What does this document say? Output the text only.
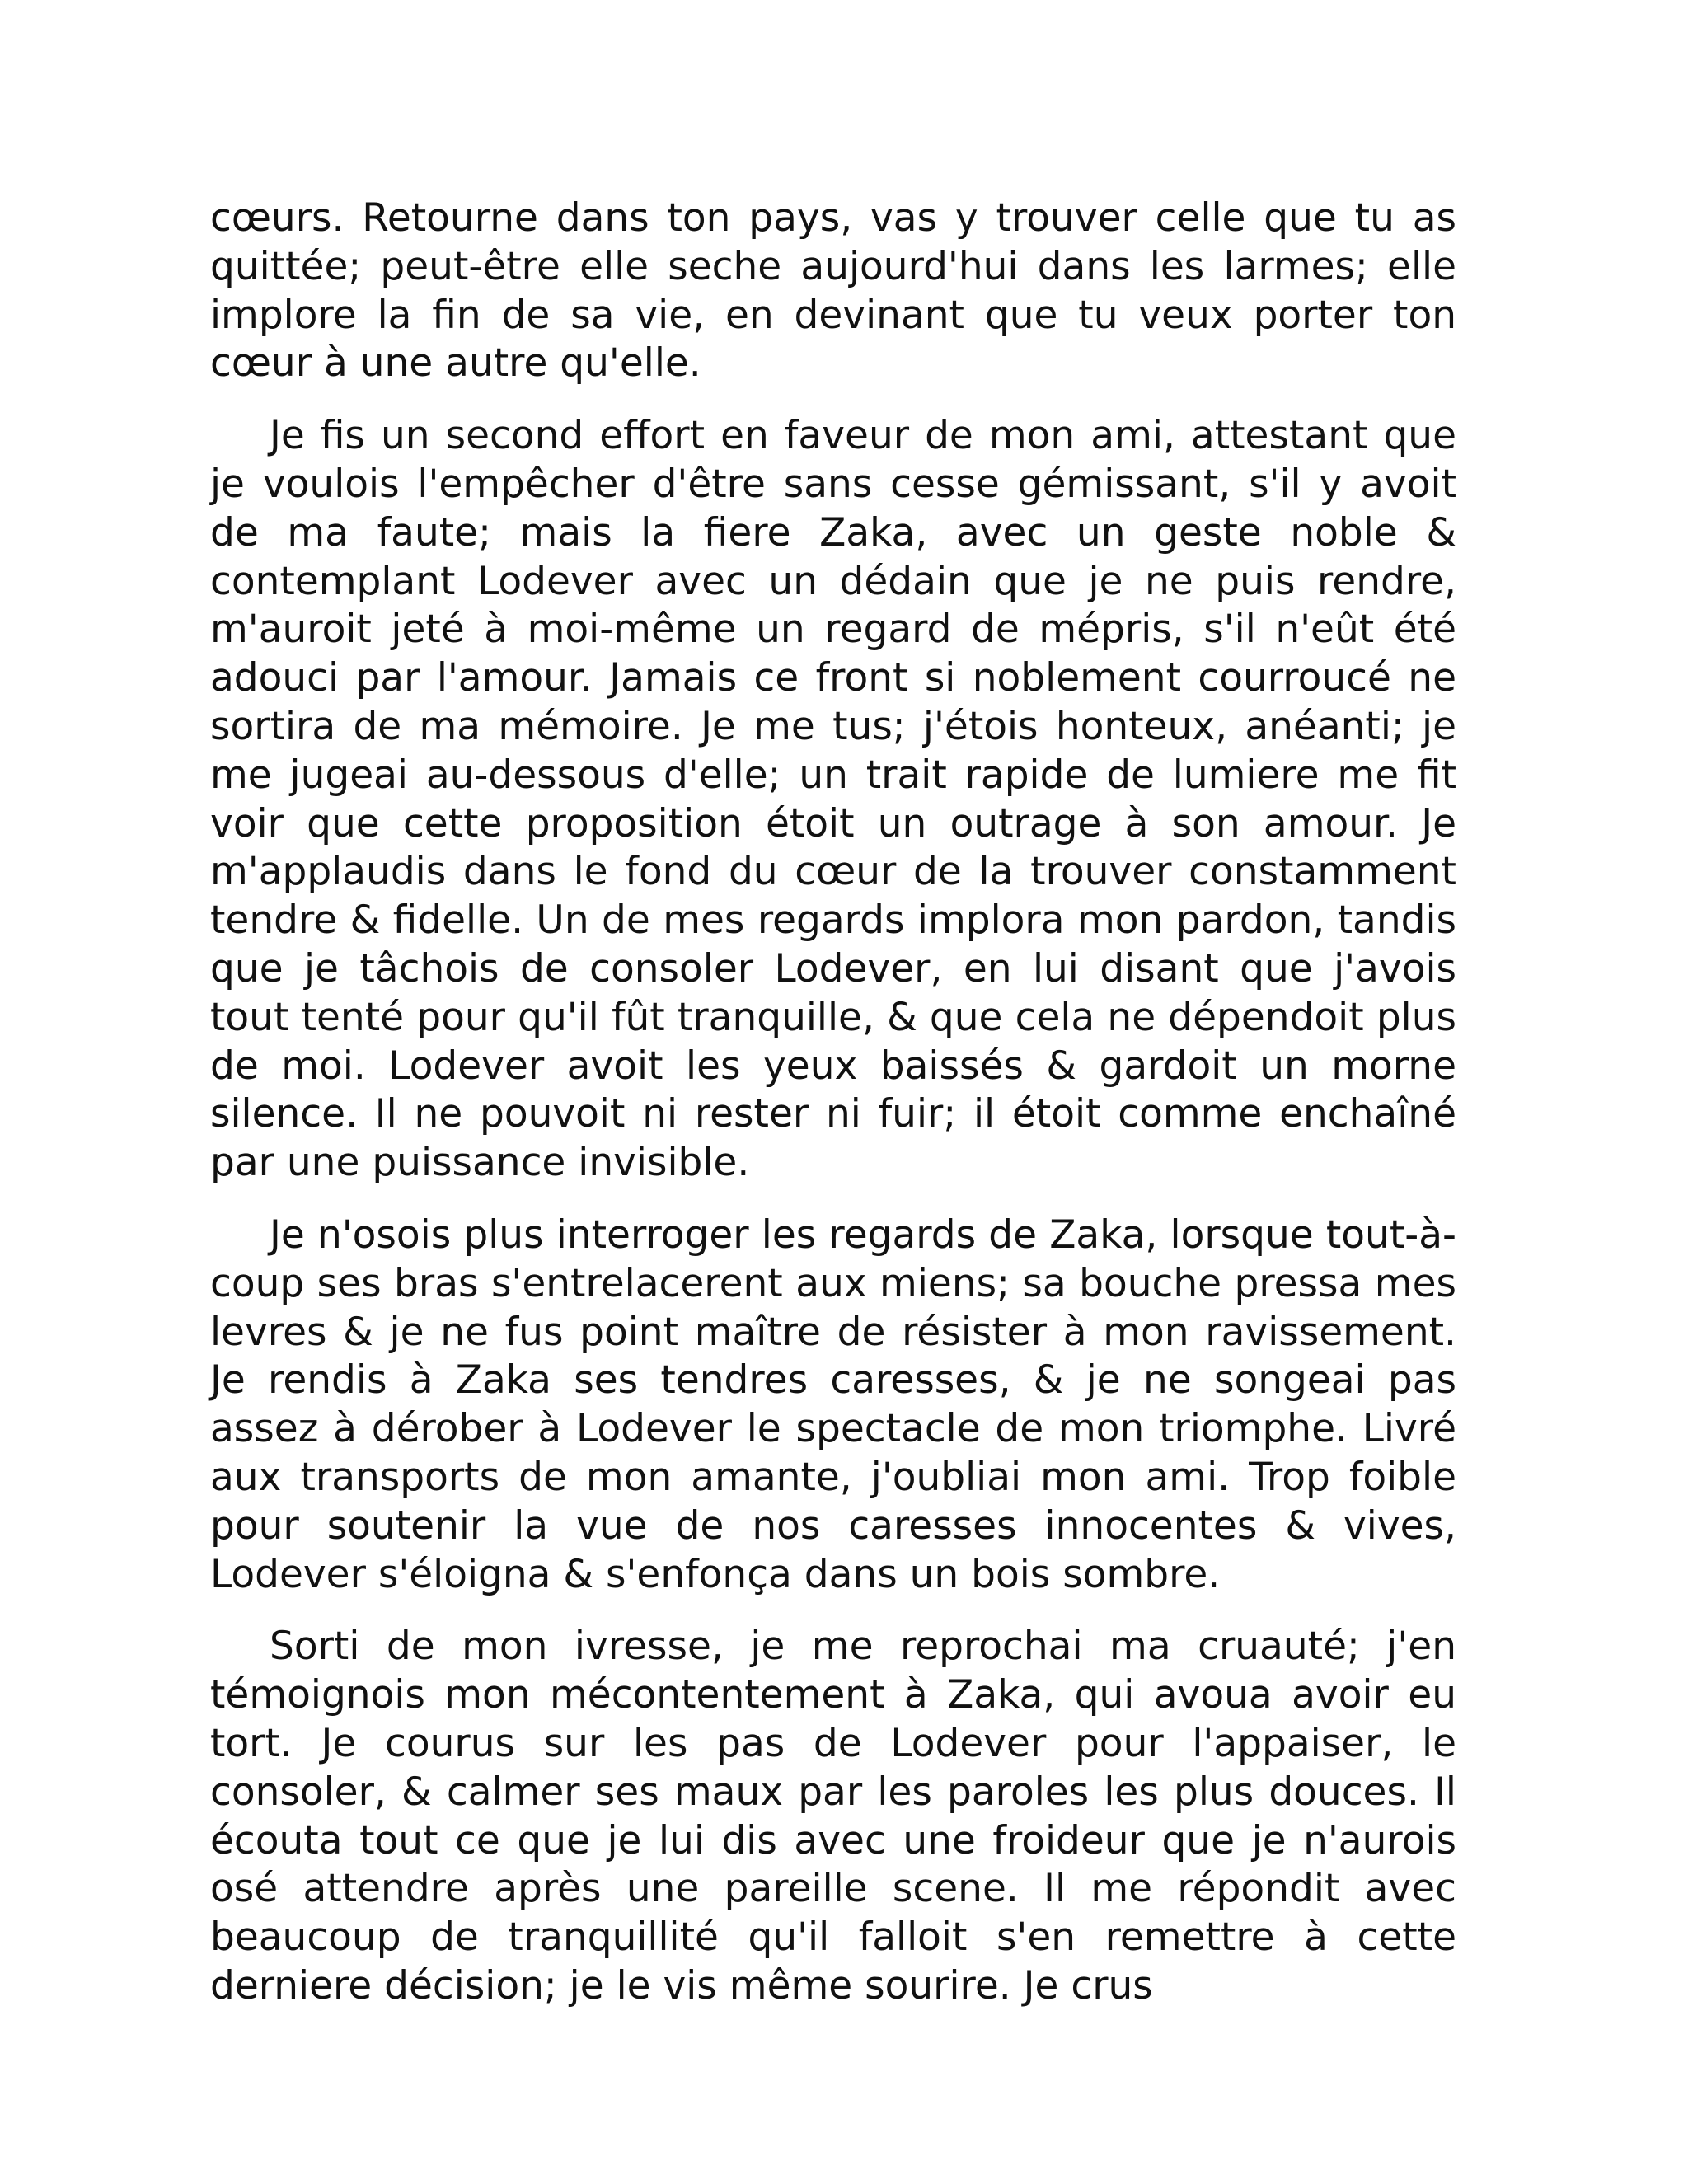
cœurs. Retourne dans ton pays, vas y trouver celle que tu as quittée; peut-être elle seche aujourd'hui dans les larmes; elle implore la fin de sa vie, en devinant que tu veux porter ton cœur à une autre qu'elle.

Je fis un second effort en faveur de mon ami, attestant que je voulois l'empêcher d'être sans cesse gémissant, s'il y avoit de ma faute; mais la fiere Zaka, avec un geste noble & contemplant Lodever avec un dédain que je ne puis rendre, m'auroit jeté à moi-même un regard de mépris, s'il n'eût été adouci par l'amour. Jamais ce front si noblement courroucé ne sortira de ma mémoire. Je me tus; j'étois honteux, anéanti; je me jugeai au-dessous d'elle; un trait rapide de lumiere me fit voir que cette proposition étoit un outrage à son amour. Je m'applaudis dans le fond du cœur de la trouver constamment tendre & fidelle. Un de mes regards implora mon pardon, tandis que je tâchois de consoler Lodever, en lui disant que j'avois tout tenté pour qu'il fût tranquille, & que cela ne dépendoit plus de moi. Lodever avoit les yeux baissés & gardoit un morne silence. Il ne pouvoit ni rester ni fuir; il étoit comme enchaîné par une puissance invisible.

Je n'osois plus interroger les regards de Zaka, lorsque tout-à-coup ses bras s'entrelacerent aux miens; sa bouche pressa mes levres & je ne fus point maître de résister à mon ravissement. Je rendis à Zaka ses tendres caresses, & je ne songeai pas assez à dérober à Lodever le spectacle de mon triomphe. Livré aux transports de mon amante, j'oubliai mon ami. Trop foible pour soutenir la vue de nos caresses innocentes & vives, Lodever s'éloigna & s'enfonça dans un bois sombre.

Sorti de mon ivresse, je me reprochai ma cruauté; j'en témoignois mon mécontentement à Zaka, qui avoua avoir eu tort. Je courus sur les pas de Lodever pour l'appaiser, le consoler, & calmer ses maux par les paroles les plus douces. Il écouta tout ce que je lui dis avec une froideur que je n'aurois osé attendre après une pareille scene. Il me répondit avec beaucoup de tranquillité qu'il falloit s'en remettre à cette derniere décision; je le vis même sourire. Je crus
